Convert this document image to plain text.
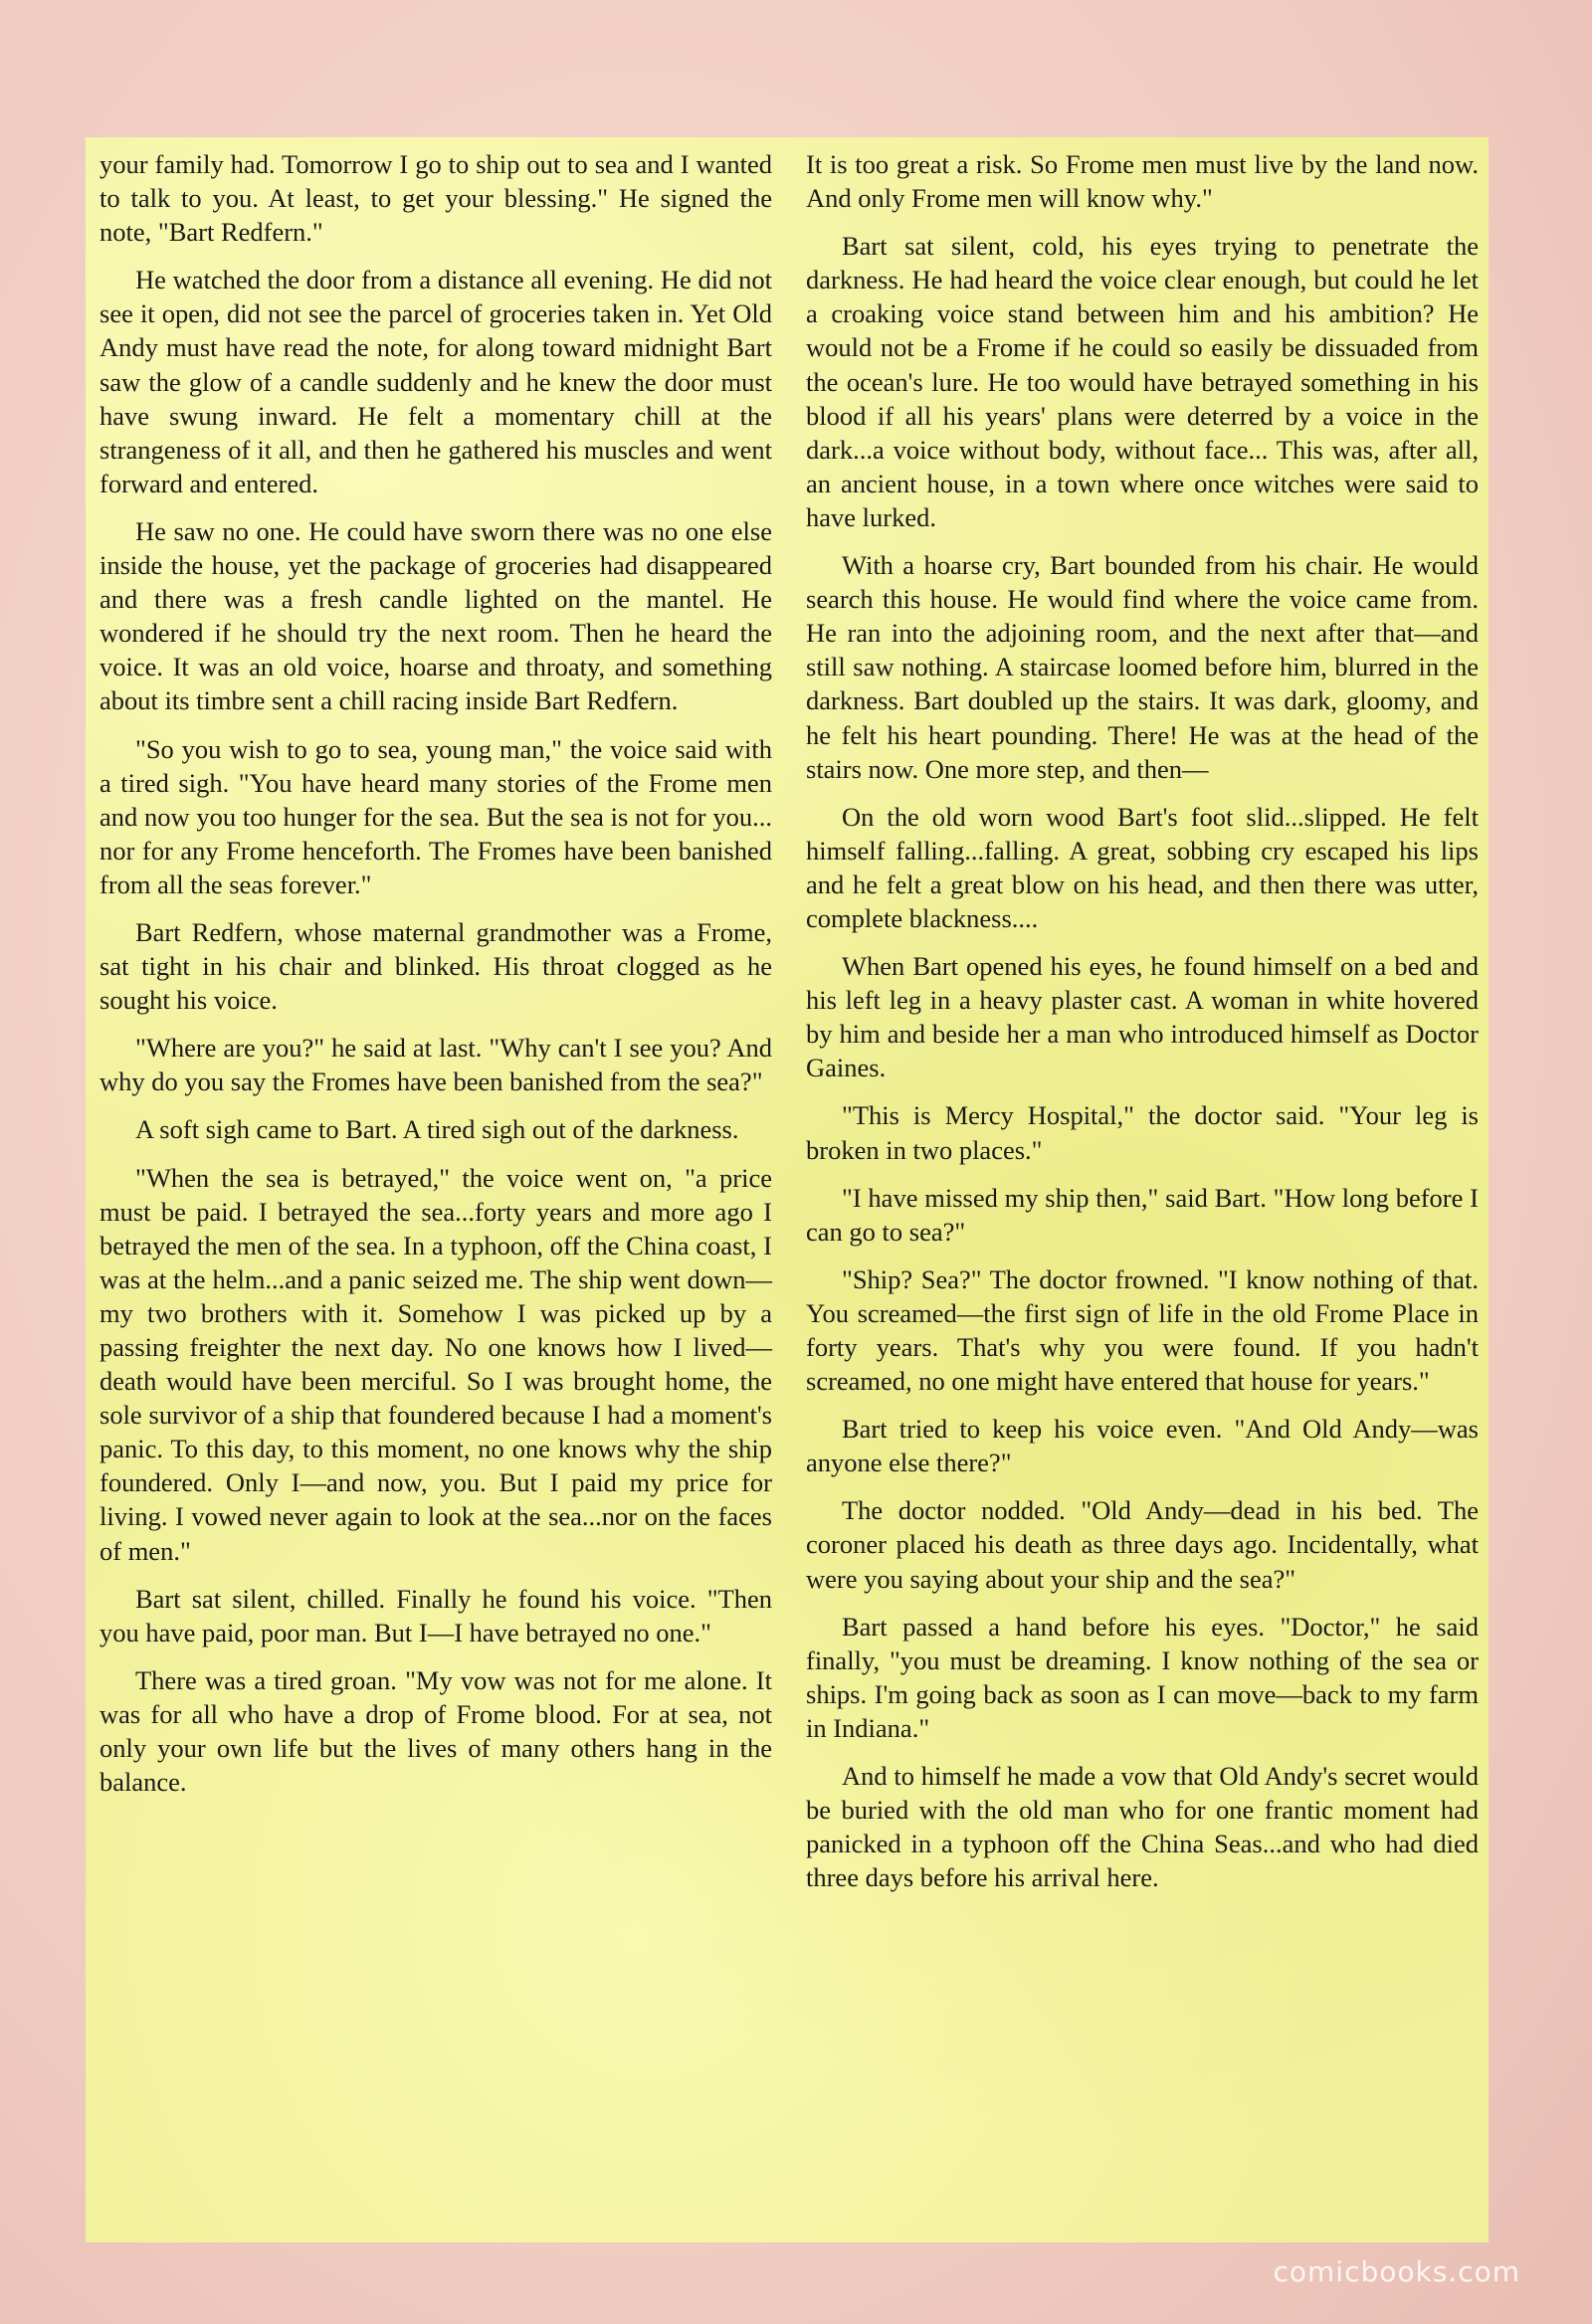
your family had. Tomorrow I go to ship out to sea and I wanted to talk to you. At least, to get your blessing." He signed the note, "Bart Redfern."

He watched the door from a distance all evening. He did not see it open, did not see the parcel of groceries taken in. Yet Old Andy must have read the note, for along toward midnight Bart saw the glow of a candle suddenly and he knew the door must have swung inward. He felt a momentary chill at the strangeness of it all, and then he gathered his muscles and went forward and entered.

He saw no one. He could have sworn there was no one else inside the house, yet the package of groceries had disappeared and there was a fresh candle lighted on the mantel. He wondered if he should try the next room. Then he heard the voice. It was an old voice, hoarse and throaty, and something about its timbre sent a chill racing inside Bart Redfern.

"So you wish to go to sea, young man," the voice said with a tired sigh. "You have heard many stories of the Frome men and now you too hunger for the sea. But the sea is not for you... nor for any Frome henceforth. The Fromes have been banished from all the seas forever."

Bart Redfern, whose maternal grandmother was a Frome, sat tight in his chair and blinked. His throat clogged as he sought his voice.

"Where are you?" he said at last. "Why can't I see you? And why do you say the Fromes have been banished from the sea?"

A soft sigh came to Bart. A tired sigh out of the darkness.

"When the sea is betrayed," the voice went on, "a price must be paid. I betrayed the sea...forty years and more ago I betrayed the men of the sea. In a typhoon, off the China coast, I was at the helm...and a panic seized me. The ship went down—my two brothers with it. Somehow I was picked up by a passing freighter the next day. No one knows how I lived—death would have been merciful. So I was brought home, the sole survivor of a ship that foundered because I had a moment's panic. To this day, to this moment, no one knows why the ship foundered. Only I—and now, you. But I paid my price for living. I vowed never again to look at the sea...nor on the faces of men."

Bart sat silent, chilled. Finally he found his voice. "Then you have paid, poor man. But I—I have betrayed no one."

There was a tired groan. "My vow was not for me alone. It was for all who have a drop of Frome blood. For at sea, not only your own life but the lives of many others hang in the balance.

It is too great a risk. So Frome men must live by the land now. And only Frome men will know why."

Bart sat silent, cold, his eyes trying to penetrate the darkness. He had heard the voice clear enough, but could he let a croaking voice stand between him and his ambition? He would not be a Frome if he could so easily be dissuaded from the ocean's lure. He too would have betrayed something in his blood if all his years' plans were deterred by a voice in the dark...a voice without body, without face... This was, after all, an ancient house, in a town where once witches were said to have lurked.

With a hoarse cry, Bart bounded from his chair. He would search this house. He would find where the voice came from. He ran into the adjoining room, and the next after that—and still saw nothing. A staircase loomed before him, blurred in the darkness. Bart doubled up the stairs. It was dark, gloomy, and he felt his heart pounding. There! He was at the head of the stairs now. One more step, and then—

On the old worn wood Bart's foot slid...slipped. He felt himself falling...falling. A great, sobbing cry escaped his lips and he felt a great blow on his head, and then there was utter, complete blackness....

When Bart opened his eyes, he found himself on a bed and his left leg in a heavy plaster cast. A woman in white hovered by him and beside her a man who introduced himself as Doctor Gaines.

"This is Mercy Hospital," the doctor said. "Your leg is broken in two places."

"I have missed my ship then," said Bart. "How long before I can go to sea?"

"Ship? Sea?" The doctor frowned. "I know nothing of that. You screamed—the first sign of life in the old Frome Place in forty years. That's why you were found. If you hadn't screamed, no one might have entered that house for years."

Bart tried to keep his voice even. "And Old Andy—was anyone else there?"

The doctor nodded. "Old Andy—dead in his bed. The coroner placed his death as three days ago. Incidentally, what were you saying about your ship and the sea?"

Bart passed a hand before his eyes. "Doctor," he said finally, "you must be dreaming. I know nothing of the sea or ships. I'm going back as soon as I can move—back to my farm in Indiana."

And to himself he made a vow that Old Andy's secret would be buried with the old man who for one frantic moment had panicked in a typhoon off the China Seas...and who had died three days before his arrival here.

comicbooks.com
